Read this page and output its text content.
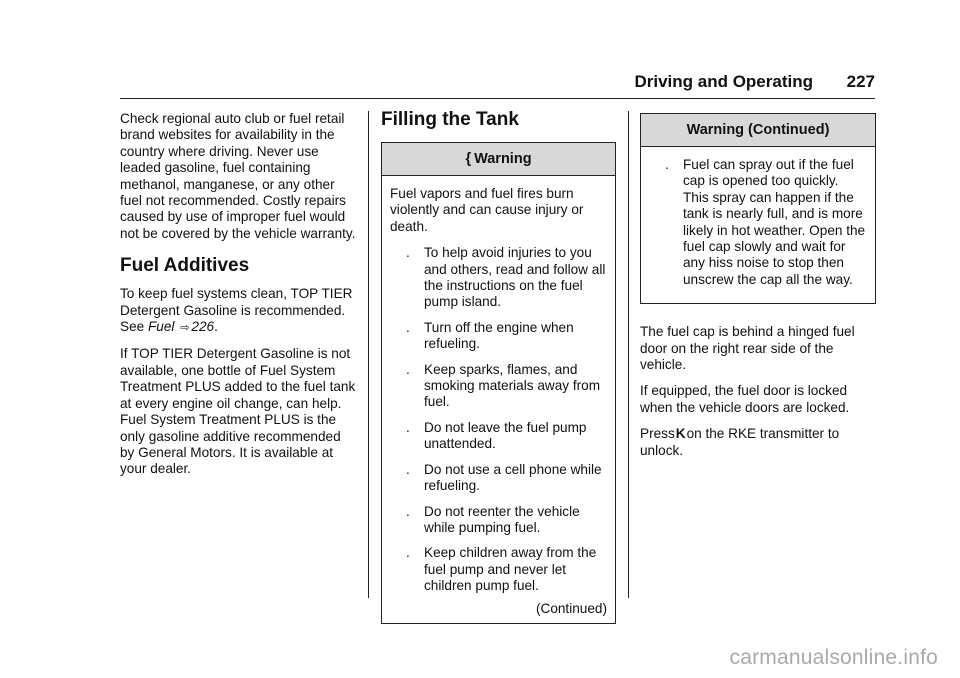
Driving and Operating 227

Check regional auto club or fuel retail brand websites for availability in the country where driving. Never use leaded gasoline, fuel containing methanol, manganese, or any other fuel not recommended. Costly repairs caused by use of improper fuel would not be covered by the vehicle warranty.

Fuel Additives

To keep fuel systems clean, TOP TIER Detergent Gasoline is recommended. See Fuel ⇨ 226.

If TOP TIER Detergent Gasoline is not available, one bottle of Fuel System Treatment PLUS added to the fuel tank at every engine oil change, can help. Fuel System Treatment PLUS is the only gasoline additive recommended by General Motors. It is available at your dealer.

Filling the Tank
{ Warning

Fuel vapors and fuel fires burn violently and can cause injury or death.

. To help avoid injuries to you and others, read and follow all the instructions on the fuel pump island.
. Turn off the engine when refueling.
. Keep sparks, flames, and smoking materials away from fuel.
. Do not leave the fuel pump unattended.
. Do not use a cell phone while refueling.
. Do not reenter the vehicle while pumping fuel.
. Keep children away from the fuel pump and never let children pump fuel.
(Continued)
Warning (Continued)
. Fuel can spray out if the fuel cap is opened too quickly. This spray can happen if the tank is nearly full, and is more likely in hot weather. Open the fuel cap slowly and wait for any hiss noise to stop then unscrew the cap all the way.

The fuel cap is behind a hinged fuel door on the right rear side of the vehicle.

If equipped, the fuel door is locked when the vehicle doors are locked.

PressKon the RKE transmitter to unlock.

carmanualsonline.info
